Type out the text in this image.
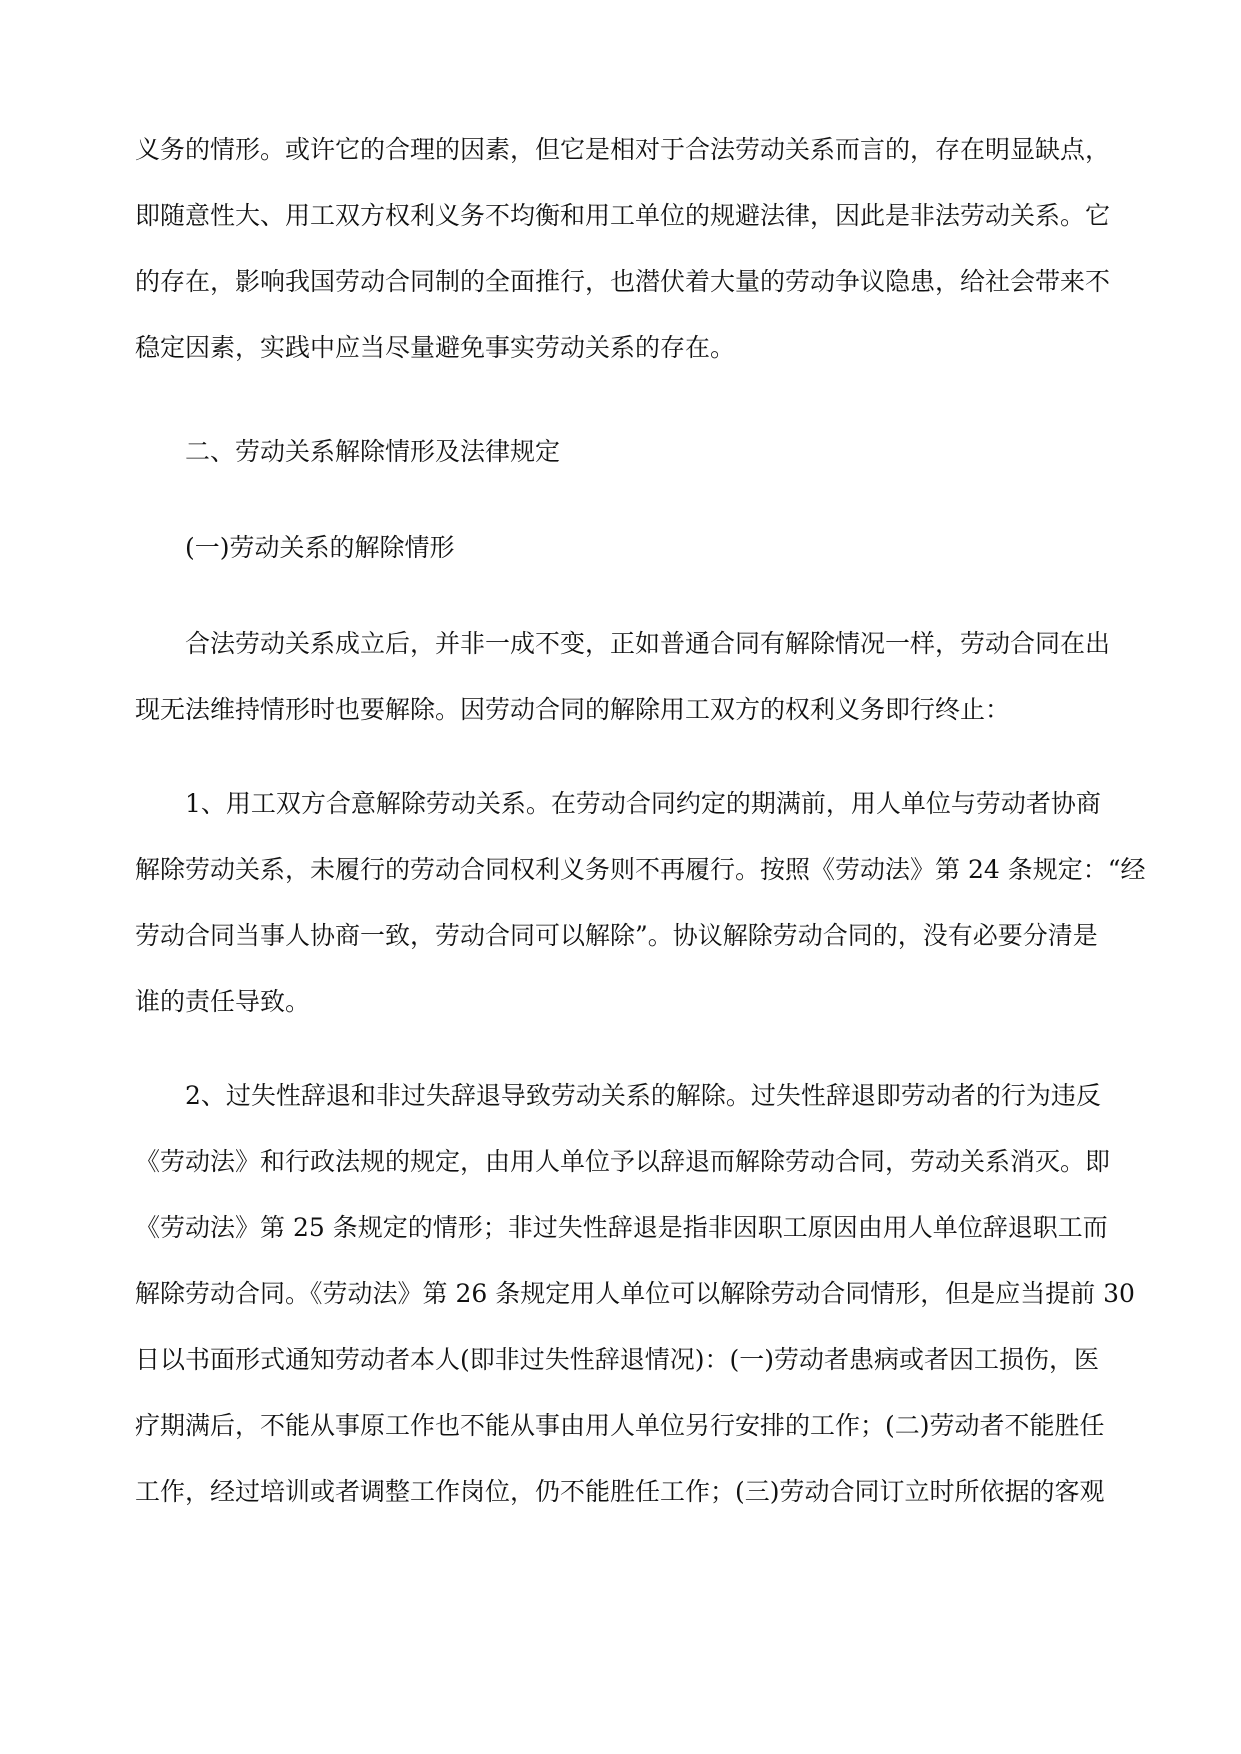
义务的情形。或许它的合理的因素，但它是相对于合法劳动关系而言的，存在明显缺点，

即随意性大、用工双方权利义务不均衡和用工单位的规避法律，因此是非法劳动关系。它

的存在，影响我国劳动合同制的全面推行，也潜伏着大量的劳动争议隐患，给社会带来不

稳定因素，实践中应当尽量避免事实劳动关系的存在。

二、劳动关系解除情形及法律规定

(一)劳动关系的解除情形

合法劳动关系成立后，并非一成不变，正如普通合同有解除情况一样，劳动合同在出

现无法维持情形时也要解除。因劳动合同的解除用工双方的权利义务即行终止：

1、用工双方合意解除劳动关系。在劳动合同约定的期满前，用人单位与劳动者协商

解除劳动关系，未履行的劳动合同权利义务则不再履行。按照《劳动法》第 24 条规定：“经

劳动合同当事人协商一致，劳动合同可以解除”。协议解除劳动合同的，没有必要分清是

谁的责任导致。

2、过失性辞退和非过失辞退导致劳动关系的解除。过失性辞退即劳动者的行为违反

《劳动法》和行政法规的规定，由用人单位予以辞退而解除劳动合同，劳动关系消灭。即

《劳动法》第 25 条规定的情形；非过失性辞退是指非因职工原因由用人单位辞退职工而

解除劳动合同。《劳动法》第 26 条规定用人单位可以解除劳动合同情形，但是应当提前 30

日以书面形式通知劳动者本人(即非过失性辞退情况)：(一)劳动者患病或者因工损伤，医

疗期满后，不能从事原工作也不能从事由用人单位另行安排的工作；(二)劳动者不能胜任

工作，经过培训或者调整工作岗位，仍不能胜任工作；(三)劳动合同订立时所依据的客观
